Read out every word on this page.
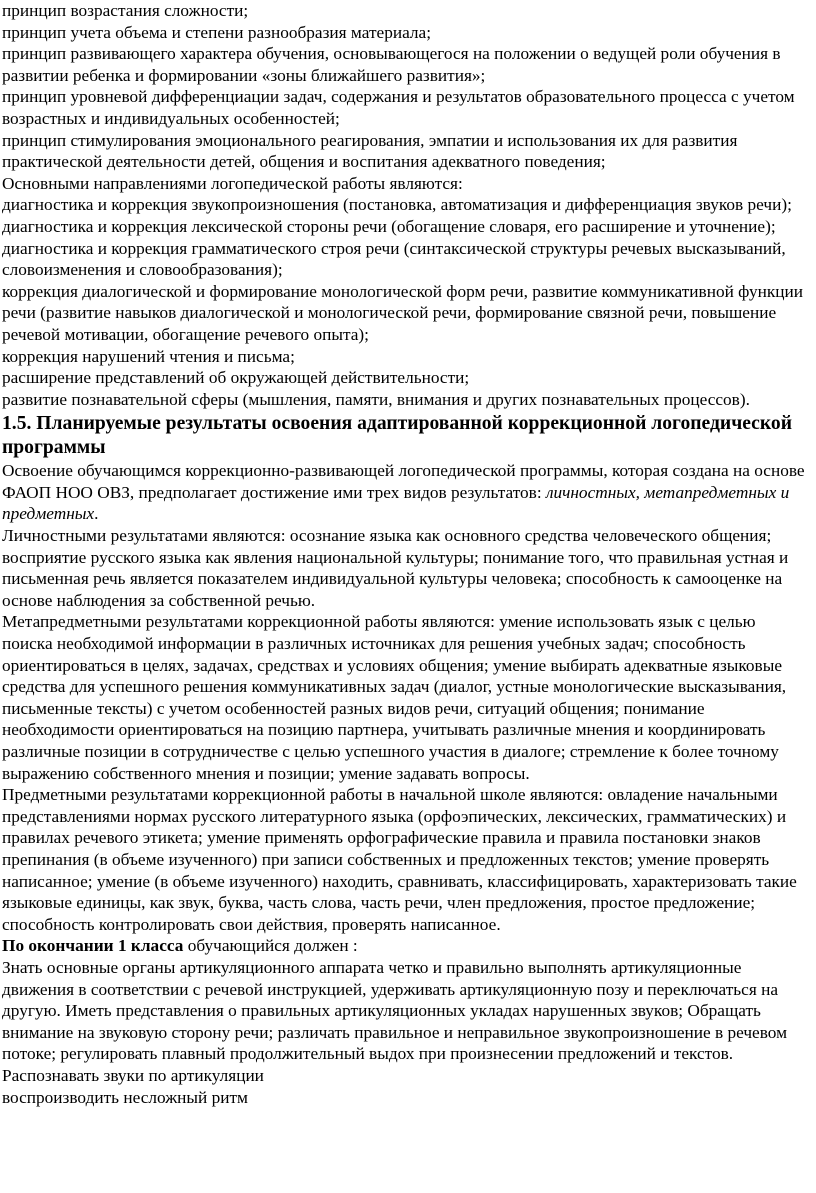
принцип возрастания сложности;

принцип учета объема и степени разнообразия материала;

принцип развивающего характера обучения, основывающегося на положении о ведущей роли обучения в развитии ребенка и формировании «зоны ближайшего развития»;

принцип уровневой дифференциации задач, содержания и результатов образовательного процесса с учетом возрастных и индивидуальных особенностей;

принцип стимулирования эмоционального реагирования, эмпатии и использования их для развития практической деятельности детей, общения и воспитания адекватного поведения;

Основными направлениями логопедической работы являются:

диагностика и коррекция звукопроизношения (постановка, автоматизация и дифференциация звуков речи);

диагностика и коррекция лексической стороны речи (обогащение словаря, его расширение и уточнение);

диагностика и коррекция грамматического строя речи (синтаксической структуры речевых высказываний, словоизменения и словообразования);

коррекция диалогической и формирование монологической форм речи, развитие коммуникативной функции речи (развитие навыков диалогической и монологической речи, формирование связной речи, повышение речевой мотивации, обогащение речевого опыта);

коррекция нарушений чтения и письма;

расширение представлений об окружающей действительности;

развитие познавательной сферы (мышления, памяти, внимания и других познавательных процессов).

1.5. Планируемые результаты освоения адаптированной коррекционной логопедической программы

Освоение обучающимся коррекционно-развивающей логопедической программы, которая создана на основе ФАОП НОО ОВЗ, предполагает достижение ими трех видов результатов: личностных, метапредметных и предметных.

Личностными результатами являются: осознание языка как основного средства человеческого общения; восприятие русского языка как явления национальной культуры; понимание того, что правильная устная и письменная речь является показателем индивидуальной культуры человека; способность к самооценке на основе наблюдения за собственной речью.

Метапредметными результатами коррекционной работы являются: умение использовать язык с целью поиска необходимой информации в различных источниках для решения учебных задач; способность ориентироваться в целях, задачах, средствах и условиях общения; умение выбирать адекватные языковые средства для успешного решения коммуникативных задач (диалог, устные монологические высказывания, письменные тексты) с учетом особенностей разных видов речи, ситуаций общения; понимание необходимости ориентироваться на позицию партнера, учитывать различные мнения и координировать различные позиции в сотрудничестве с целью успешного участия в диалоге; стремление к более точному выражению собственного мнения и позиции; умение задавать вопросы.

Предметными результатами коррекционной работы в начальной школе являются: овладение начальными представлениями нормах русского литературного языка (орфоэпических, лексических, грамматических) и правилах речевого этикета; умение применять орфографические правила и правила постановки знаков препинания (в объеме изученного) при записи собственных и предложенных текстов; умение проверять написанное; умение (в объеме изученного) находить, сравнивать, классифицировать, характеризовать такие языковые единицы, как звук, буква, часть слова, часть речи, член предложения, простое предложение; способность контролировать свои действия, проверять написанное.

По окончании 1 класса обучающийся должен :

Знать основные органы артикуляционного аппарата четко и правильно выполнять артикуляционные движения в соответствии с речевой инструкцией, удерживать артикуляционную позу и переключаться на другую. Иметь представления о правильных артикуляционных укладах нарушенных звуков; Обращать внимание на звуковую сторону речи; различать правильное и неправильное звукопроизношение в речевом потоке; регулировать плавный продолжительный выдох при произнесении предложений и текстов. Распознавать звуки по артикуляции

воспроизводить несложный ритм
